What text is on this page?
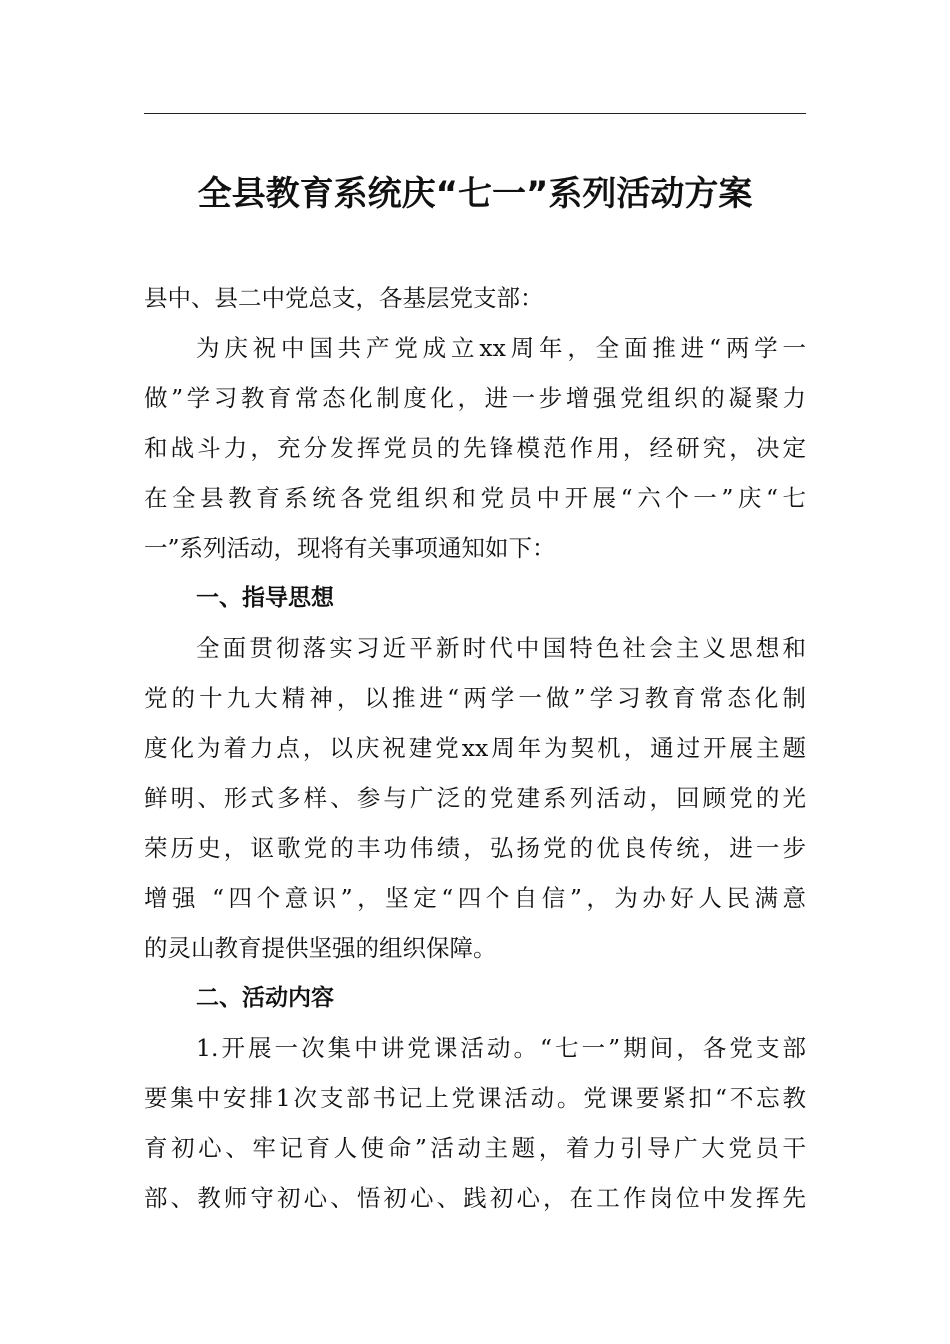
全县教育系统庆“七一”系列活动方案
县中、县二中党总支，各基层党支部：
为庆祝中国共产党成立xx周年，全面推进“两学一
做”学习教育常态化制度化，进一步增强党组织的凝聚力
和战斗力，充分发挥党员的先锋模范作用，经研究，决定
在全县教育系统各党组织和党员中开展“六个一”庆“七
一”系列活动，现将有关事项通知如下：
一、指导思想
全面贯彻落实习近平新时代中国特色社会主义思想和
党的十九大精神，以推进“两学一做”学习教育常态化制
度化为着力点，以庆祝建党xx周年为契机，通过开展主题
鲜明、形式多样、参与广泛的党建系列活动，回顾党的光
荣历史，讴歌党的丰功伟绩，弘扬党的优良传统，进一步
增强 “四个意识”，坚定“四个自信”，为办好人民满意
的灵山教育提供坚强的组织保障。
二、活动内容
1.开展一次集中讲党课活动。“七一”期间，各党支部
要集中安排1次支部书记上党课活动。党课要紧扣“不忘教
育初心、牢记育人使命”活动主题，着力引导广大党员干
部、教师守初心、悟初心、践初心，在工作岗位中发挥先
